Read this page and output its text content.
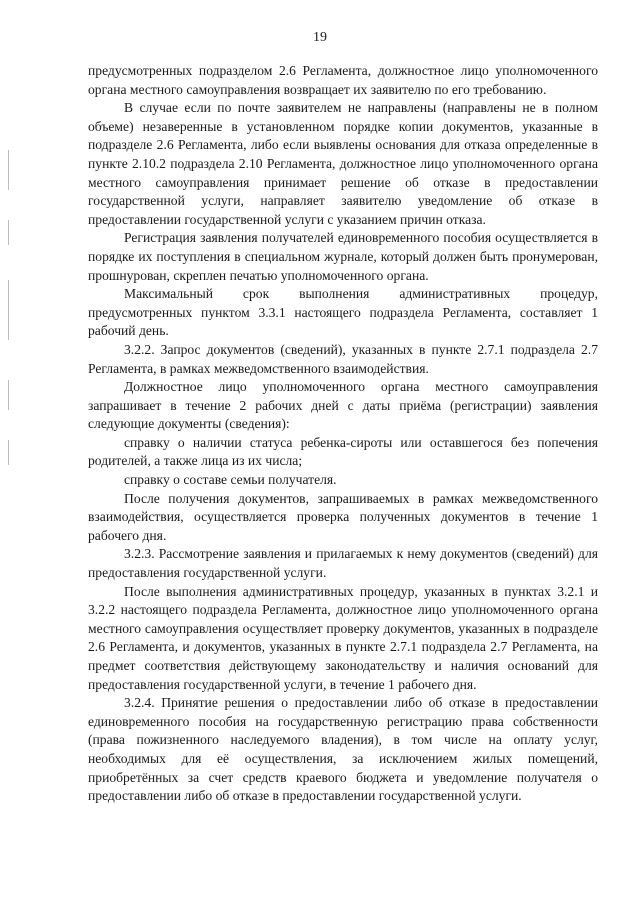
19

предусмотренных подразделом 2.6 Регламента, должностное лицо уполномоченного органа местного самоуправления возвращает их заявителю по его требованию.

В случае если по почте заявителем не направлены (направлены не в полном объеме) незаверенные в установленном порядке копии документов, указанные в подразделе 2.6 Регламента, либо если выявлены основания для отказа определенные в пункте 2.10.2 подраздела 2.10 Регламента, должностное лицо уполномоченного органа местного самоуправления принимает решение об отказе в предоставлении государственной услуги, направляет заявителю уведомление об отказе в предоставлении государственной услуги с указанием причин отказа.

Регистрация заявления получателей единовременного пособия осуществляется в порядке их поступления в специальном журнале, который должен быть пронумерован, прошнурован, скреплен печатью уполномоченного органа.

Максимальный срок выполнения административных процедур, предусмотренных пунктом 3.3.1 настоящего подраздела Регламента, составляет 1 рабочий день.

3.2.2. Запрос документов (сведений), указанных в пункте 2.7.1 подраздела 2.7 Регламента, в рамках межведомственного взаимодействия.

Должностное лицо уполномоченного органа местного самоуправления запрашивает в течение 2 рабочих дней с даты приёма (регистрации) заявления следующие документы (сведения):

справку о наличии статуса ребенка-сироты или оставшегося без попечения родителей, а также лица из их числа;

справку о составе семьи получателя.

После получения документов, запрашиваемых в рамках межведомственного взаимодействия, осуществляется проверка полученных документов в течение 1 рабочего дня.

3.2.3. Рассмотрение заявления и прилагаемых к нему документов (сведений) для предоставления государственной услуги.

После выполнения административных процедур, указанных в пунктах 3.2.1 и 3.2.2 настоящего подраздела Регламента, должностное лицо уполномоченного органа местного самоуправления осуществляет проверку документов, указанных в подразделе 2.6 Регламента, и документов, указанных в пункте 2.7.1 подраздела 2.7 Регламента, на предмет соответствия действующему законодательству и наличия оснований для предоставления государственной услуги, в течение 1 рабочего дня.

3.2.4. Принятие решения о предоставлении либо об отказе в предоставлении единовременного пособия на государственную регистрацию права собственности (права пожизненного наследуемого владения), в том числе на оплату услуг, необходимых для её осуществления, за исключением жилых помещений, приобретённых за счет средств краевого бюджета и уведомление получателя о предоставлении либо об отказе в предоставлении государственной услуги.
